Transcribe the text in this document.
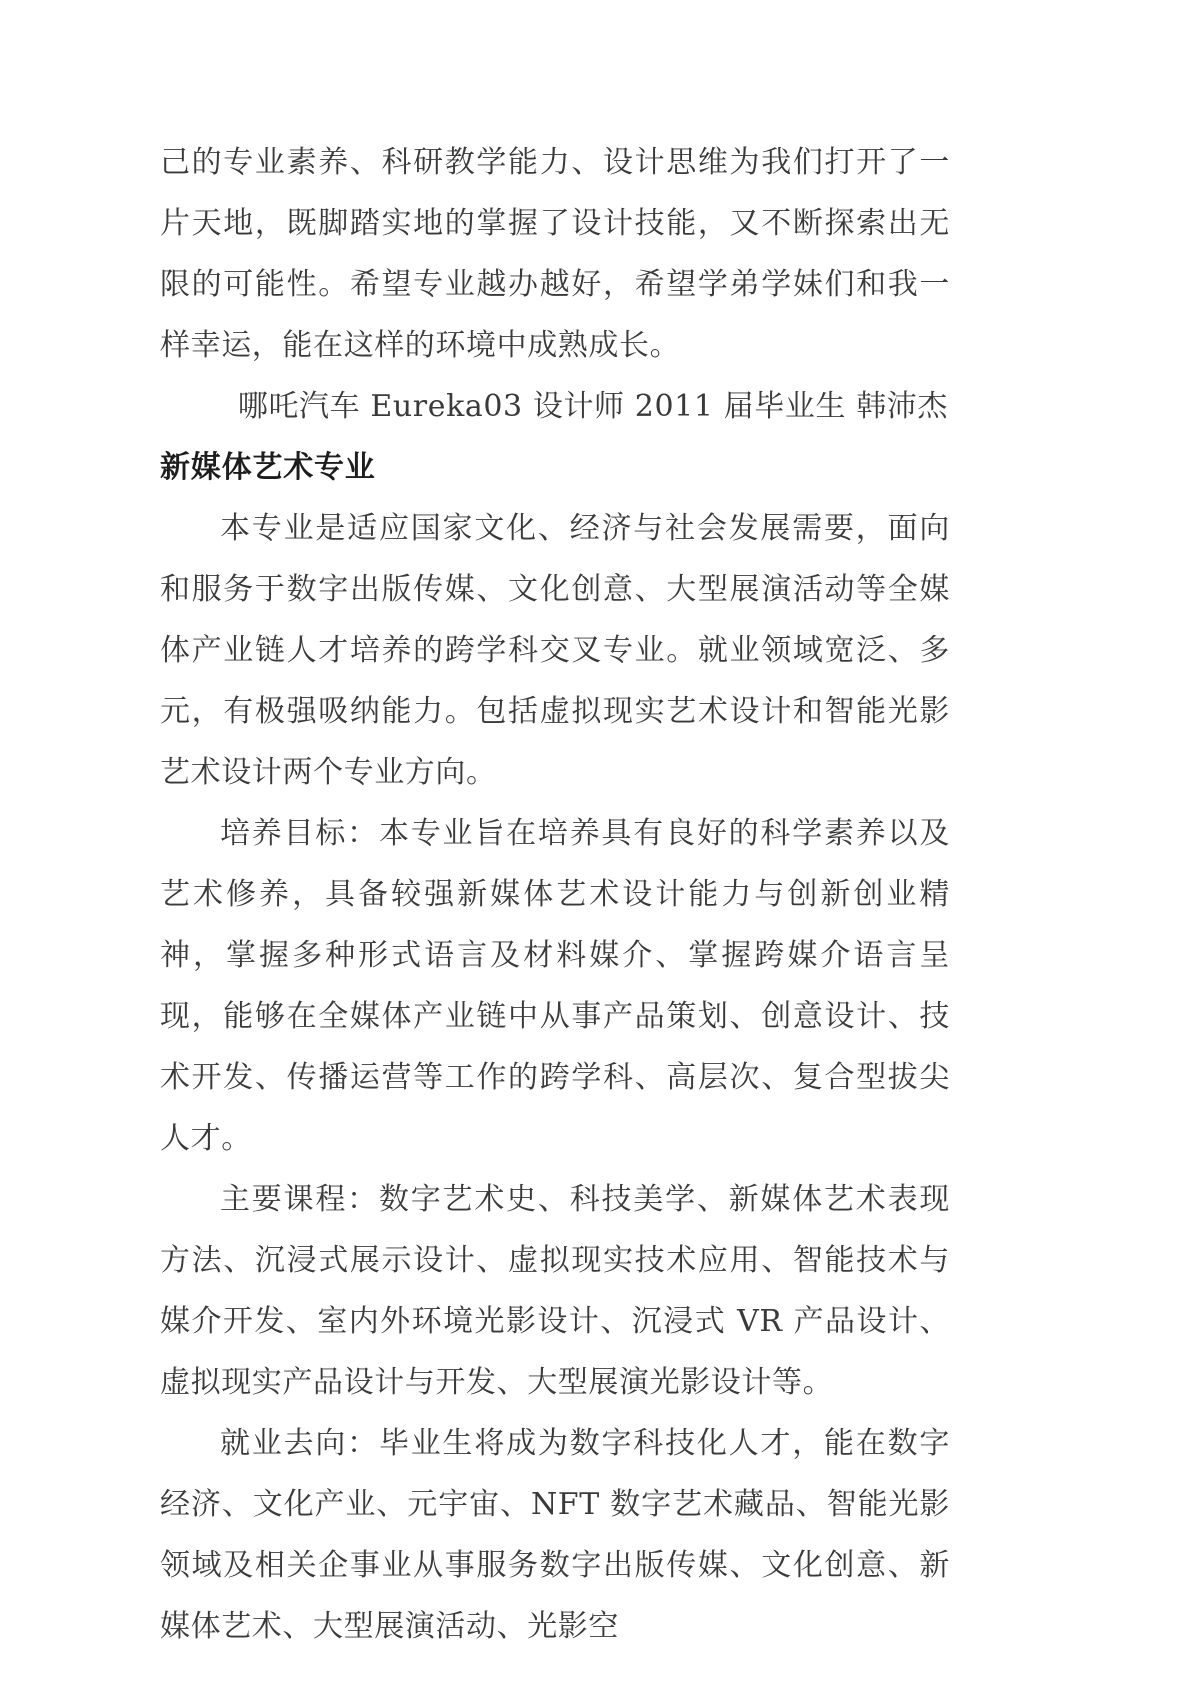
己的专业素养、科研教学能力、设计思维为我们打开了一片天地，既脚踏实地的掌握了设计技能，又不断探索出无限的可能性。希望专业越办越好，希望学弟学妹们和我一样幸运，能在这样的环境中成熟成长。

哪吒汽车 Eureka03 设计师 2011 届毕业生 韩沛杰

新媒体艺术专业

本专业是适应国家文化、经济与社会发展需要，面向和服务于数字出版传媒、文化创意、大型展演活动等全媒体产业链人才培养的跨学科交叉专业。就业领域宽泛、多元，有极强吸纳能力。包括虚拟现实艺术设计和智能光影艺术设计两个专业方向。

培养目标：本专业旨在培养具有良好的科学素养以及艺术修养，具备较强新媒体艺术设计能力与创新创业精神，掌握多种形式语言及材料媒介、掌握跨媒介语言呈现，能够在全媒体产业链中从事产品策划、创意设计、技术开发、传播运营等工作的跨学科、高层次、复合型拔尖人才。

主要课程：数字艺术史、科技美学、新媒体艺术表现方法、沉浸式展示设计、虚拟现实技术应用、智能技术与媒介开发、室内外环境光影设计、沉浸式 VR 产品设计、虚拟现实产品设计与开发、大型展演光影设计等。

就业去向：毕业生将成为数字科技化人才，能在数字经济、文化产业、元宇宙、NFT 数字艺术藏品、智能光影领域及相关企事业从事服务数字出版传媒、文化创意、新媒体艺术、大型展演活动、光影空
